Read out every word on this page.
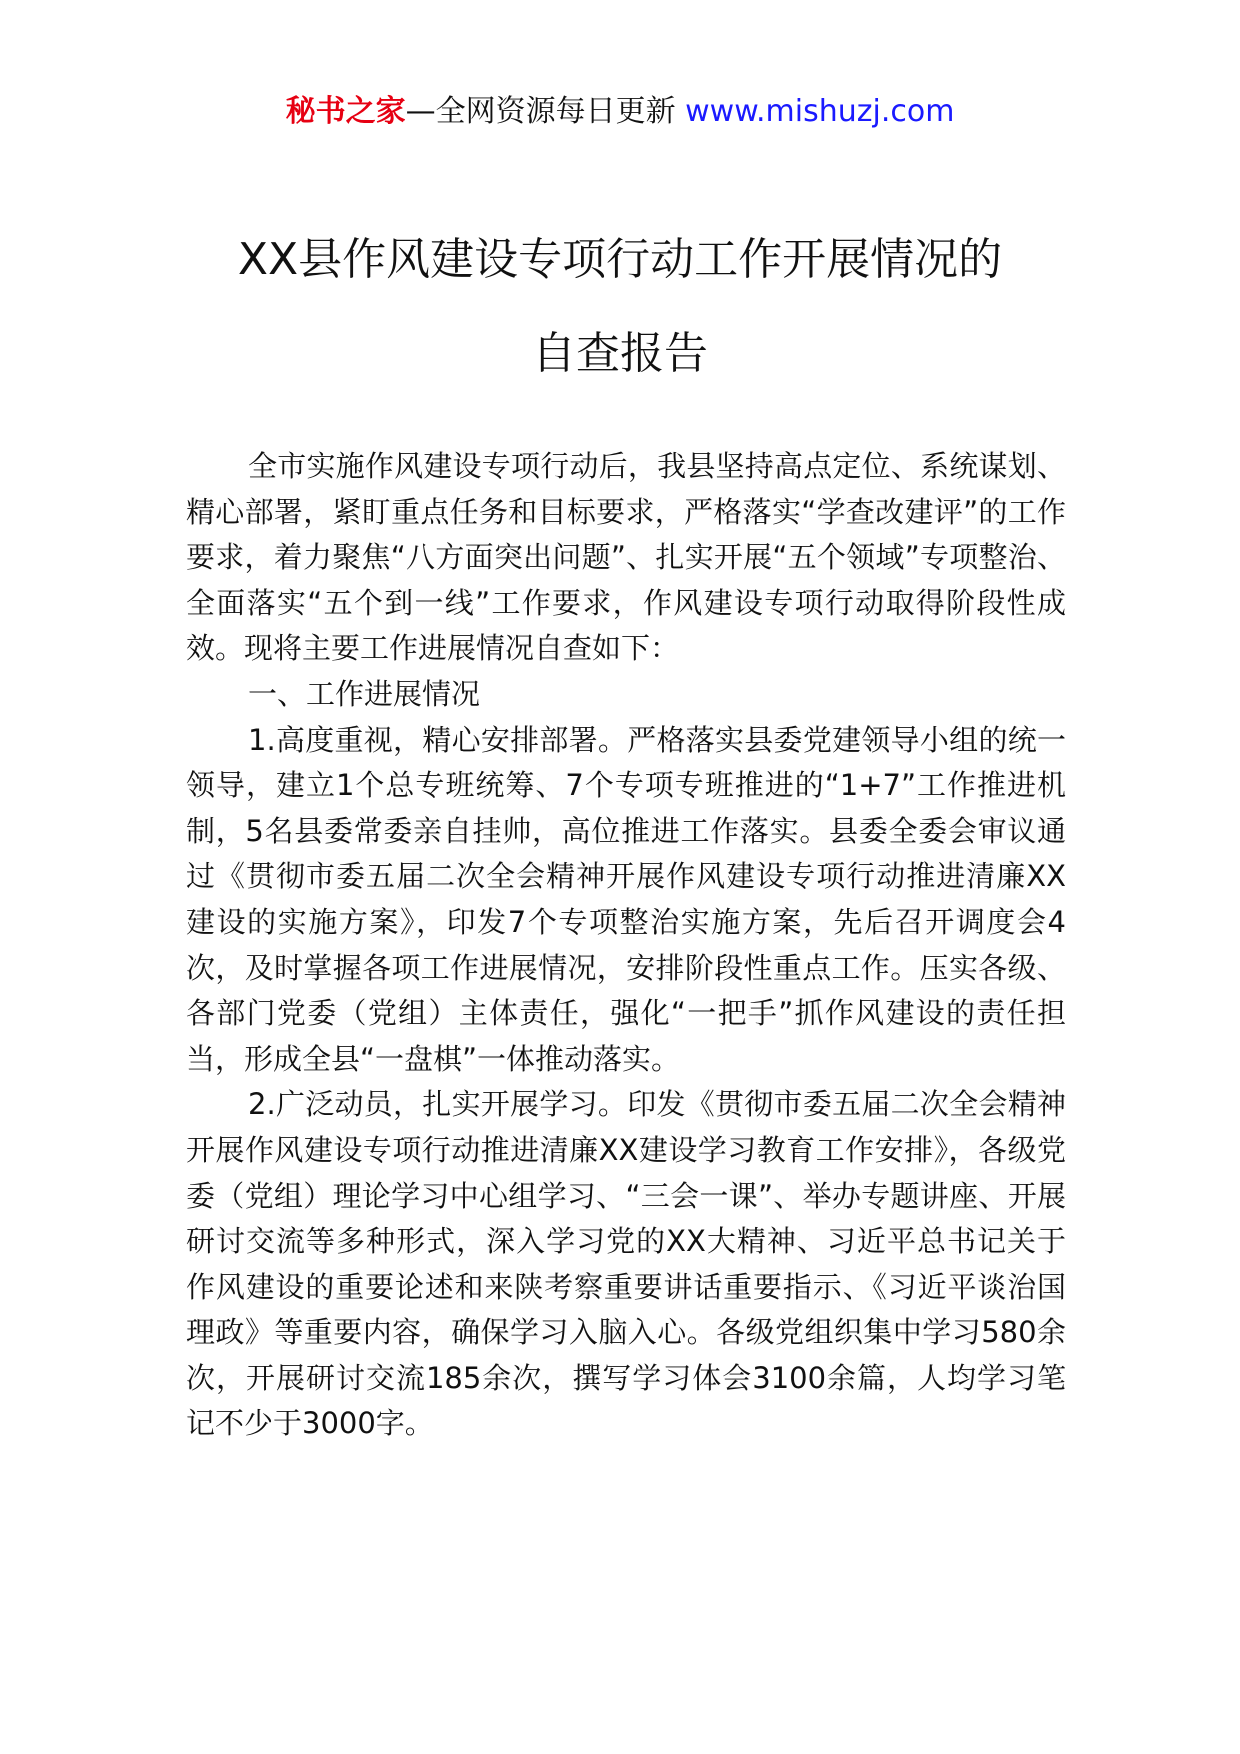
秘书之家—全网资源每日更新 www.mishuzj.com
XX县作风建设专项行动工作开展情况的
自查报告

全市实施作风建设专项行动后，我县坚持高点定位、系统谋划、精心部署，紧盯重点任务和目标要求，严格落实“学查改建评”的工作要求，着力聚焦“八方面突出问题”、扎实开展“五个领域”专项整治、全面落实“五个到一线”工作要求，作风建设专项行动取得阶段性成效。现将主要工作进展情况自查如下：

一、工作进展情况

1.高度重视，精心安排部署。严格落实县委党建领导小组的统一领导，建立1个总专班统筹、7个专项专班推进的“1+7”工作推进机制，5名县委常委亲自挂帅，高位推进工作落实。县委全委会审议通过《贯彻市委五届二次全会精神开展作风建设专项行动推进清廉XX建设的实施方案》，印发7个专项整治实施方案，先后召开调度会4次，及时掌握各项工作进展情况，安排阶段性重点工作。压实各级、各部门党委（党组）主体责任，强化“一把手”抓作风建设的责任担当，形成全县“一盘棋”一体推动落实。

2.广泛动员，扎实开展学习。印发《贯彻市委五届二次全会精神开展作风建设专项行动推进清廉XX建设学习教育工作安排》，各级党委（党组）理论学习中心组学习、“三会一课”、举办专题讲座、开展研讨交流等多种形式，深入学习党的XX大精神、习近平总书记关于作风建设的重要论述和来陕考察重要讲话重要指示、《习近平谈治国理政》等重要内容，确保学习入脑入心。各级党组织集中学习580余次，开展研讨交流185余次，撰写学习体会3100余篇，人均学习笔记不少于3000字。
